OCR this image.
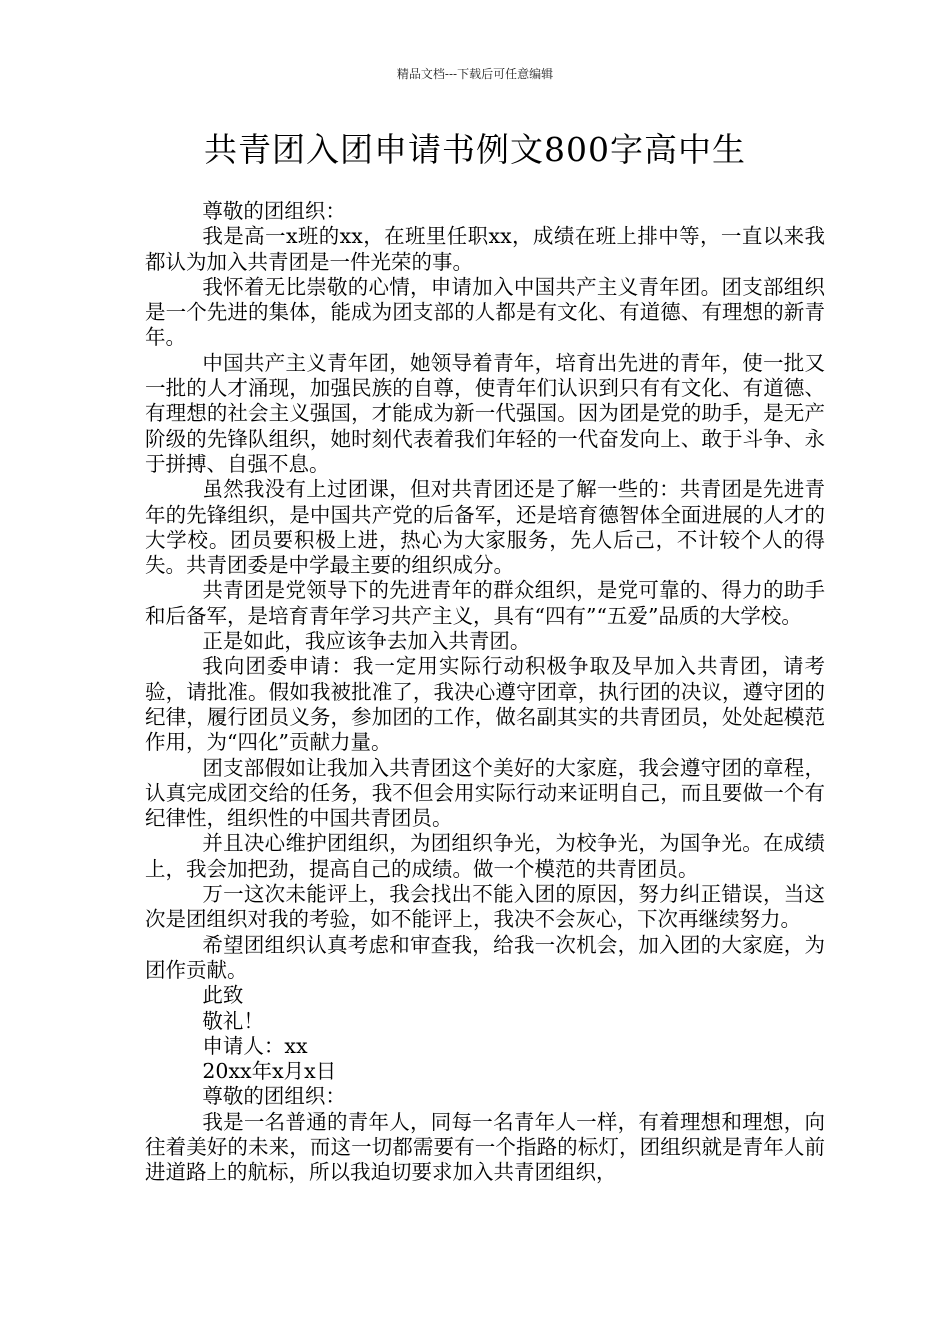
精品文档---下载后可任意编辑
共青团入团申请书例文800字高中生

尊敬的团组织：

我是高一x班的xx，在班里任职xx，成绩在班上排中等，一直以来我都认为加入共青团是一件光荣的事。

我怀着无比崇敬的心情，申请加入中国共产主义青年团。团支部组织是一个先进的集体，能成为团支部的人都是有文化、有道德、有理想的新青年。

中国共产主义青年团，她领导着青年，培育出先进的青年，使一批又一批的人才涌现，加强民族的自尊，使青年们认识到只有有文化、有道德、有理想的社会主义强国，才能成为新一代强国。因为团是党的助手，是无产阶级的先锋队组织，她时刻代表着我们年轻的一代奋发向上、敢于斗争、永于拼搏、自强不息。

虽然我没有上过团课，但对共青团还是了解一些的：共青团是先进青年的先锋组织，是中国共产党的后备军，还是培育德智体全面进展的人才的大学校。团员要积极上进，热心为大家服务，先人后己，不计较个人的得失。共青团委是中学最主要的组织成分。

共青团是党领导下的先进青年的群众组织，是党可靠的、得力的助手和后备军，是培育青年学习共产主义，具有“四有”“五爱”品质的大学校。

正是如此，我应该争去加入共青团。

我向团委申请：我一定用实际行动积极争取及早加入共青团，请考验，请批准。假如我被批准了，我决心遵守团章，执行团的决议，遵守团的纪律，履行团员义务，参加团的工作，做名副其实的共青团员，处处起模范作用，为“四化”贡献力量。

团支部假如让我加入共青团这个美好的大家庭，我会遵守团的章程，认真完成团交给的任务，我不但会用实际行动来证明自己，而且要做一个有纪律性，组织性的中国共青团员。

并且决心维护团组织，为团组织争光，为校争光，为国争光。在成绩上，我会加把劲，提高自己的成绩。做一个模范的共青团员。

万一这次未能评上，我会找出不能入团的原因，努力纠正错误，当这次是团组织对我的考验，如不能评上，我决不会灰心，下次再继续努力。

希望团组织认真考虑和审查我，给我一次机会，加入团的大家庭，为团作贡献。

此致

敬礼！

申请人：xx

20xx年x月x日

尊敬的团组织：

我是一名普通的青年人，同每一名青年人一样，有着理想和理想，向往着美好的未来，而这一切都需要有一个指路的标灯，团组织就是青年人前进道路上的航标，所以我迫切要求加入共青团组织，
